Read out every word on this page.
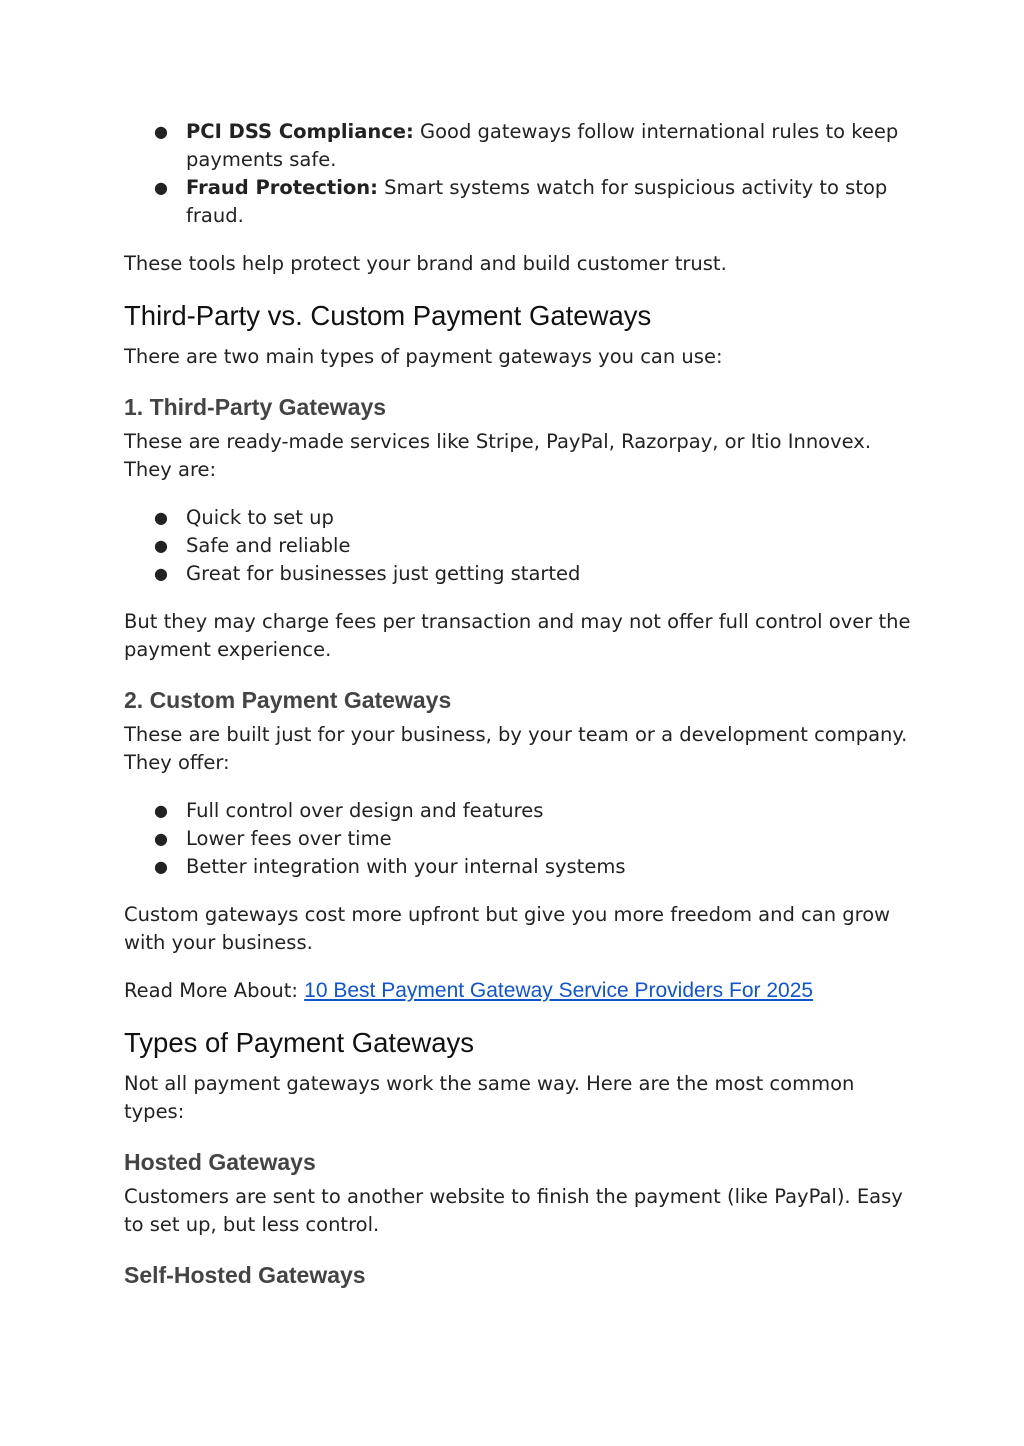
● PCI DSS Compliance: Good gateways follow international rules to keep payments safe.
● Fraud Protection: Smart systems watch for suspicious activity to stop fraud.

These tools help protect your brand and build customer trust.

Third-Party vs. Custom Payment Gateways

There are two main types of payment gateways you can use:

1. Third-Party Gateways

These are ready-made services like Stripe, PayPal, Razorpay, or Itio Innovex. They are:

● Quick to set up
● Safe and reliable
● Great for businesses just getting started

But they may charge fees per transaction and may not offer full control over the payment experience.

2. Custom Payment Gateways

These are built just for your business, by your team or a development company. They offer:

● Full control over design and features
● Lower fees over time
● Better integration with your internal systems

Custom gateways cost more upfront but give you more freedom and can grow with your business.

Read More About: 10 Best Payment Gateway Service Providers For 2025

Types of Payment Gateways

Not all payment gateways work the same way. Here are the most common types:

Hosted Gateways

Customers are sent to another website to finish the payment (like PayPal). Easy to set up, but less control.

Self-Hosted Gateways
